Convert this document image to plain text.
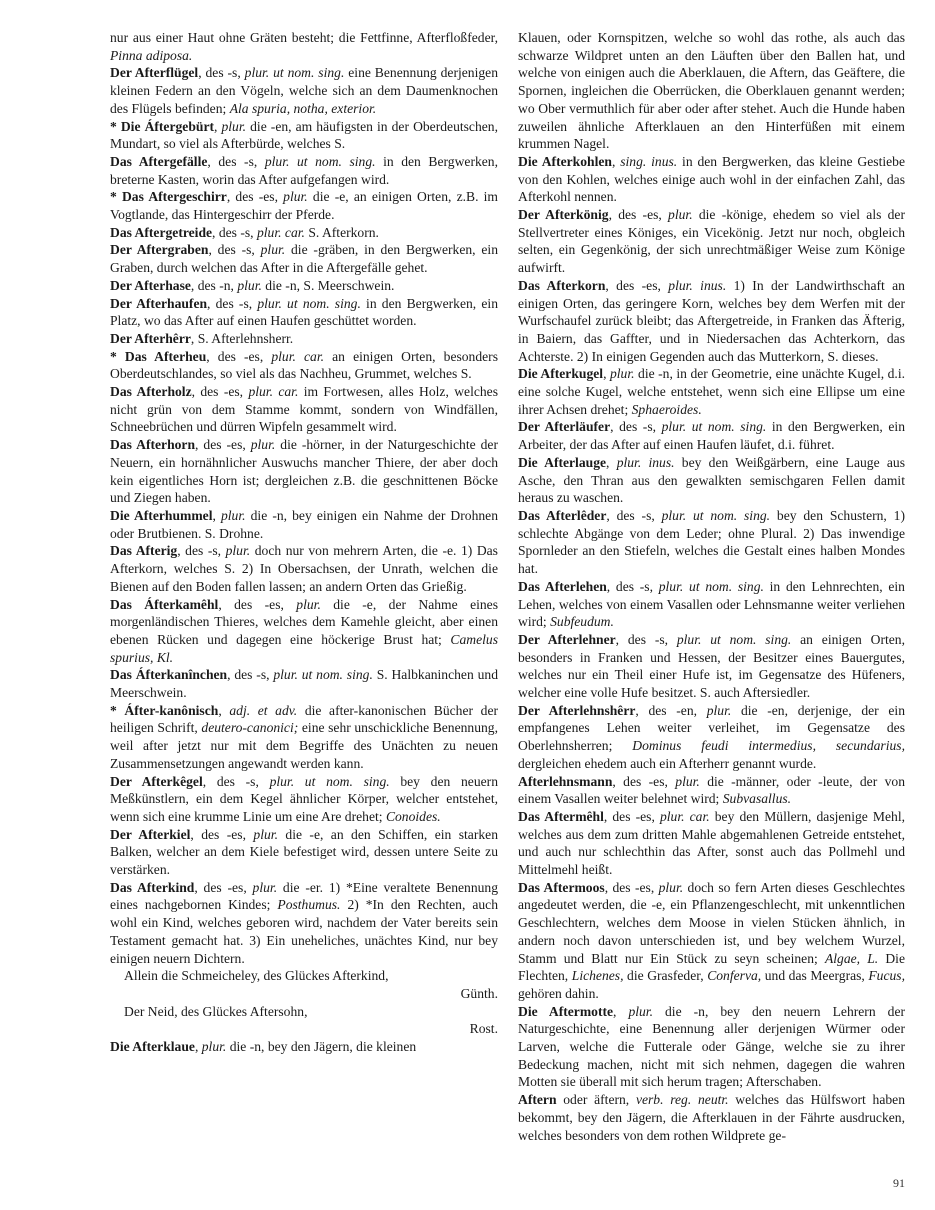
nur aus einer Haut ohne Gräten besteht; die Fettfinne, Afterfloßfeder, Pinna adiposa.
Der Afterflügel, des -s, plur. ut nom. sing. eine Benennung derjenigen kleinen Federn an den Vögeln, welche sich an dem Daumenknochen des Flügels befinden; Ala spuria, notha, exterior.
* Die Áftergebürt, plur. die -en, am häufigsten in der Oberdeutschen, Mundart, so viel als Afterbürde, welches S.
Das Aftergefälle, des -s, plur. ut nom. sing. in den Bergwerken, breterne Kasten, worin das After aufgefangen wird.
* Das Aftergeschirr, des -es, plur. die -e, an einigen Orten, z.B. im Vogtlande, das Hintergeschirr der Pferde.
Das Aftergetreide, des -s, plur. car. S. Afterkorn.
Der Aftergraben, des -s, plur. die -gräben, in den Bergwerken, ein Graben, durch welchen das After in die Aftergefälle gehet.
Der Afterhase, des -n, plur. die -n, S. Meerschwein.
Der Afterhaufen, des -s, plur. ut nom. sing. in den Bergwerken, ein Platz, wo das After auf einen Haufen geschüttet worden.
Der Afterhêrr, S. Afterlehnsherr.
* Das Afterheu, des -es, plur. car. an einigen Orten, besonders Oberdeutschlandes, so viel als das Nachheu, Grummet, welches S.
Das Afterholz, des -es, plur. car. im Fortwesen, alles Holz, welches nicht grün von dem Stamme kommt, sondern von Windfällen, Schneebrüchen und dürren Wipfeln gesammelt wird.
Das Afterhorn, des -es, plur. die -hörner, in der Naturgeschichte der Neuern, ein hornähnlicher Auswuchs mancher Thiere, der aber doch kein eigentliches Horn ist; dergleichen z.B. die geschnittenen Böcke und Ziegen haben.
Die Afterhummel, plur. die -n, bey einigen ein Nahme der Drohnen oder Brutbienen. S. Drohne.
Das Afterig, des -s, plur. doch nur von mehrern Arten, die -e. 1) Das Afterkorn, welches S. 2) In Obersachsen, der Unrath, welchen die Bienen auf den Boden fallen lassen; an andern Orten das Grießig.
Das Áfterkamêhl, des -es, plur. die -e, der Nahme eines morgenländischen Thieres, welches dem Kamehle gleicht, aber einen ebenen Rücken und dagegen eine höckerige Brust hat; Camelus spurius, Kl.
Das Áfterkanînchen, des -s, plur. ut nom. sing. S. Halbkaninchen und Meerschwein.
* Áfter-kanônisch, adj. et adv. die after-kanonischen Bücher der heiligen Schrift, deutero-canonici; eine sehr unschickliche Benennung, weil after jetzt nur mit dem Begriffe des Unächten zu neuen Zusammensetzungen angewandt werden kann.
Der Afterkêgel, des -s, plur. ut nom. sing. bey den neuern Meßkünstlern, ein dem Kegel ähnlicher Körper, welcher entstehet, wenn sich eine krumme Linie um eine Are drehet; Conoides.
Der Afterkiel, des -es, plur. die -e, an den Schiffen, ein starken Balken, welcher an dem Kiele befestiget wird, dessen untere Seite zu verstärken.
Das Afterkind, des -es, plur. die -er. 1) *Eine veraltete Benennung eines nachgebornen Kindes; Posthumus. 2) *In den Rechten, auch wohl ein Kind, welches geboren wird, nachdem der Vater bereits sein Testament gemacht hat. 3) Ein uneheliches, unächtes Kind, nur bey einigen neuern Dichtern.
Allein die Schmeicheley, des Glückes Afterkind,
Günth.
Der Neid, des Glückes Aftersohn,
Rost.
Die Afterklaue, plur. die -n, bey den Jägern, die kleinen
Klauen, oder Kornspitzen, welche so wohl das rothe, als auch das schwarze Wildpret unten an den Läuften über den Ballen hat, und welche von einigen auch die Aberklauen, die Aftern, das Geäftere, die Spornen, ingleichen die Oberrücken, die Oberklauen genannt werden; wo Ober vermuthlich für aber oder after stehet. Auch die Hunde haben zuweilen ähnliche Afterklauen an den Hinterfüßen mit einem krummen Nagel.
Die Afterkohlen, sing. inus. in den Bergwerken, das kleine Gestiebe von den Kohlen, welches einige auch wohl in der einfachen Zahl, das Afterkohl nennen.
Der Afterkönig, des -es, plur. die -könige, ehedem so viel als der Stellvertreter eines Königes, ein Vicekönig. Jetzt nur noch, obgleich selten, ein Gegenkönig, der sich unrechtmäßiger Weise zum Könige aufwirft.
Das Afterkorn, des -es, plur. inus. 1) In der Landwirthschaft an einigen Orten, das geringere Korn, welches bey dem Werfen mit der Wurfschaufel zurück bleibt; das Aftergetreide, in Franken das Äfterig, in Baiern, das Gaffter, und in Niedersachen das Achterkorn, das Achterste. 2) In einigen Gegenden auch das Mutterkorn, S. dieses.
Die Afterkugel, plur. die -n, in der Geometrie, eine unächte Kugel, d.i. eine solche Kugel, welche entstehet, wenn sich eine Ellipse um eine ihrer Achsen drehet; Sphaeroides.
Der Afterläufer, des -s, plur. ut nom. sing. in den Bergwerken, ein Arbeiter, der das After auf einen Haufen läufet, d.i. führet.
Die Afterlauge, plur. inus. bey den Weißgärbern, eine Lauge aus Asche, den Thran aus den gewalkten semischgaren Fellen damit heraus zu waschen.
Das Afterlêder, des -s, plur. ut nom. sing. bey den Schustern, 1) schlechte Abgänge von dem Leder; ohne Plural. 2) Das inwendige Spornleder an den Stiefeln, welches die Gestalt eines halben Mondes hat.
Das Afterlehen, des -s, plur. ut nom. sing. in den Lehnrechten, ein Lehen, welches von einem Vasallen oder Lehnsmanne weiter verliehen wird; Subfeudum.
Der Afterlehner, des -s, plur. ut nom. sing. an einigen Orten, besonders in Franken und Hessen, der Besitzer eines Bauergutes, welches nur ein Theil einer Hufe ist, im Gegensatze des Hüfeners, welcher eine volle Hufe besitzet. S. auch Aftersiedler.
Der Afterlehnshêrr, des -en, plur. die -en, derjenige, der ein empfangenes Lehen weiter verleihet, im Gegensatze des Oberlehnsherren; Dominus feudi intermedius, secundarius, dergleichen ehedem auch ein Afterherr genannt wurde.
Afterlehnsmann, des -es, plur. die -männer, oder -leute, der von einem Vasallen weiter belehnet wird; Subvasallus.
Das Aftermêhl, des -es, plur. car. bey den Müllern, dasjenige Mehl, welches aus dem zum dritten Mahle abgemahlenen Getreide entstehet, und auch nur schlechthin das After, sonst auch das Pollmehl und Mittelmehl heißt.
Das Aftermoos, des -es, plur. doch so fern Arten dieses Geschlechtes angedeutet werden, die -e, ein Pflanzengeschlecht, mit unkenntlichen Geschlechtern, welches dem Moose in vielen Stücken ähnlich, in andern noch davon unterschieden ist, und bey welchem Wurzel, Stamm und Blatt nur Ein Stück zu seyn scheinen; Algae, L. Die Flechten, Lichenes, die Grasfeder, Conferva, und das Meergras, Fucus, gehören dahin.
Die Aftermotte, plur. die -n, bey den neuern Lehrern der Naturgeschichte, eine Benennung aller derjenigen Würmer oder Larven, welche die Futterale oder Gänge, welche sie zu ihrer Bedeckung machen, nicht mit sich nehmen, dagegen die wahren Motten sie überall mit sich herum tragen; Afterschaben.
Aftern oder äftern, verb. reg. neutr. welches das Hülfswort haben bekommt, bey den Jägern, die Afterklauen in der Fährte ausdrucken, welches besonders von dem rothen Wildprete ge-
91
